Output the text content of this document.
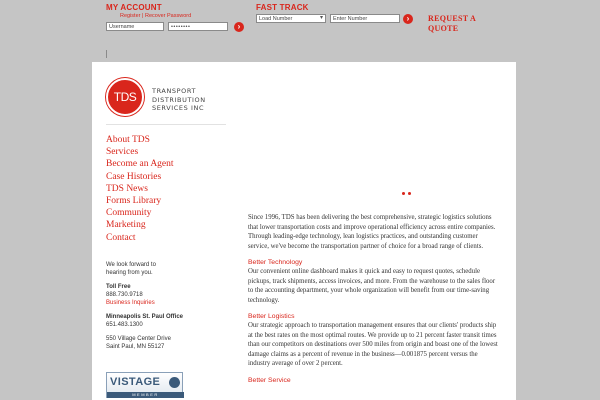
MY ACCOUNT
Register | Recover Password
Username	••••••••	›
FAST TRACK
Load Number	▾	Enter Number	›	REQUEST A
QUOTE
TDS	TRANSPORT
DISTRIBUTION
SERVICES INC
About TDS
Services
Become an Agent
Case Histories
TDS News
Forms Library
Community
Marketing
Contact
We look forward to hearing from you.
Toll Free
888.730.9718
Business Inquiries
Minneapolis St. Paul Office
651.483.1300
550 Village Center Drive
Saint Paul, MN 55127
VISTAGE
MEMBER

Since 1996, TDS has been delivering the best comprehensive, strategic logistics solutions that lower transportation costs and improve operational efficiency across entire companies. Through leading-edge technology, lean logistics practices, and outstanding customer service, we've become the transportation partner of choice for a broad range of clients.

Better Technology

Our convenient online dashboard makes it quick and easy to request quotes, schedule pickups, track shipments, access invoices, and more. From the warehouse to the sales floor to the accounting department, your whole organization will benefit from our time-saving technology.

Better Logistics

Our strategic approach to transportation management ensures that our clients' products ship at the best rates on the most optimal routes. We provide up to 21 percent faster transit times than our competitors on destinations over 500 miles from origin and boast one of the lowest damage claims as a percent of revenue in the business—0.001875 percent versus the industry average of over 2 percent.

Better Service
